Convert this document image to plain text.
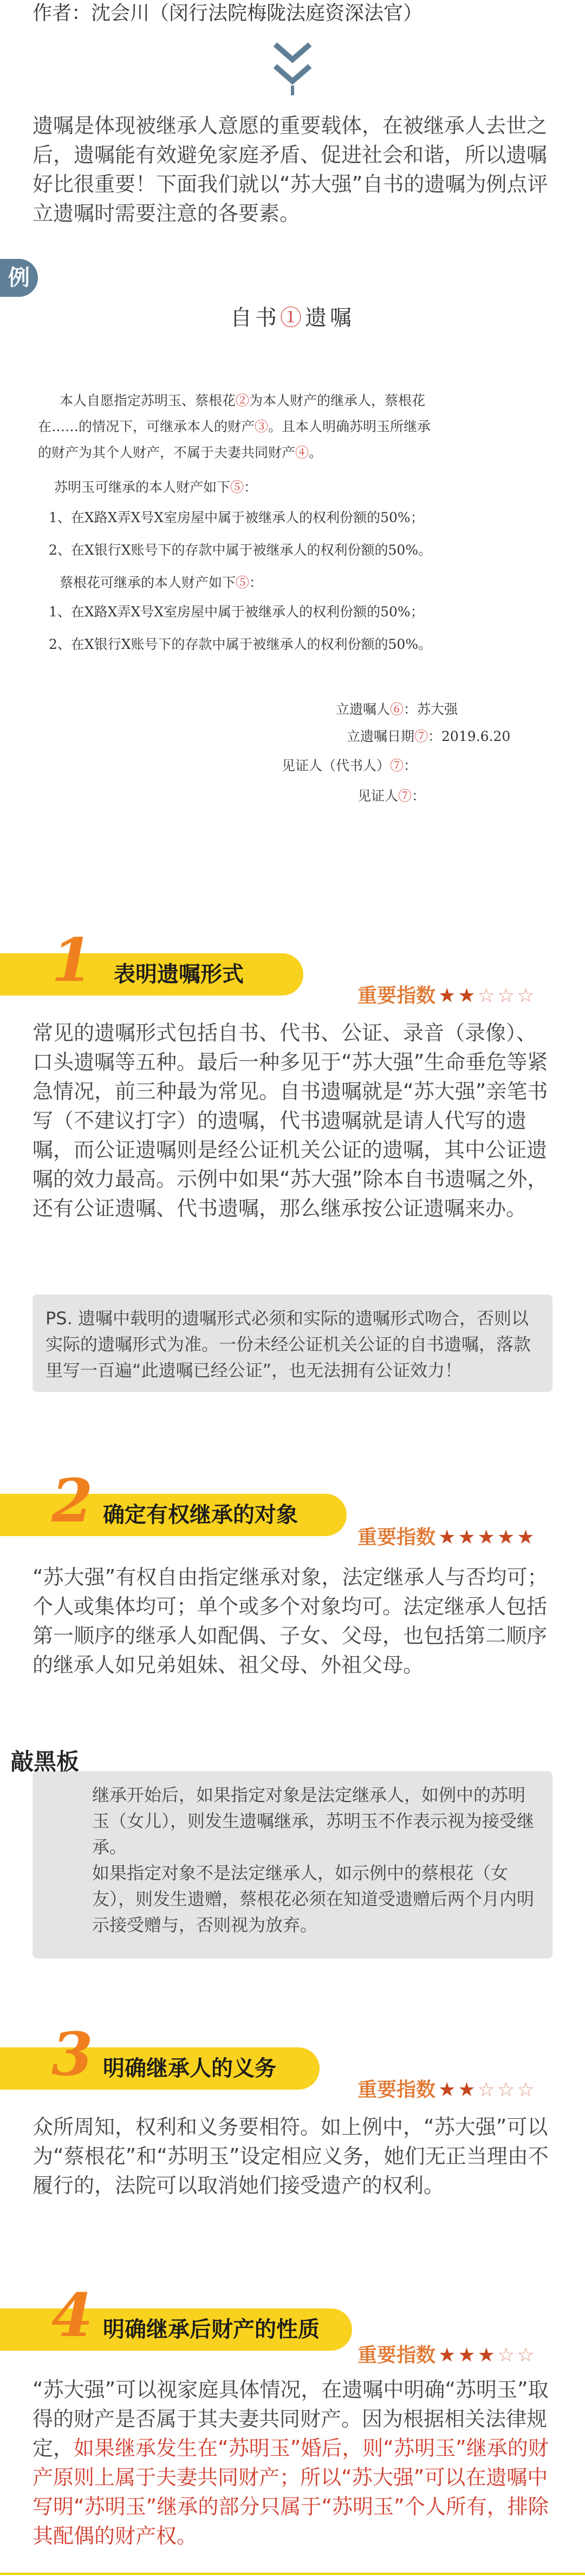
作者：沈会川（闵行法院梅陇法庭资深法官）
遗嘱是体现被继承人意愿的重要载体，在被继承人去世之后，遗嘱能有效避免家庭矛盾、促进社会和谐，所以遗嘱好比很重要！下面我们就以“苏大强”自书的遗嘱为例点评立遗嘱时需要注意的各要素。
例
自书①遗嘱
本人自愿指定苏明玉、蔡根花②为本人财产的继承人，蔡根花
在……的情况下，可继承本人的财产③。且本人明确苏明玉所继承
的财产为其个人财产，不属于夫妻共同财产④。
苏明玉可继承的本人财产如下⑤：
1、在X路X弄X号X室房屋中属于被继承人的权利份额的50%；
2、在X银行X账号下的存款中属于被继承人的权利份额的50%。
蔡根花可继承的本人财产如下⑤：
1、在X路X弄X号X室房屋中属于被继承人的权利份额的50%；
2、在X银行X账号下的存款中属于被继承人的权利份额的50%。
立遗嘱人⑥：苏大强
立遗嘱日期⑦：2019.6.20
见证人（代书人）⑦：
见证人⑦：
1 表明遗嘱形式
重要指数 ★★☆☆☆
常见的遗嘱形式包括自书、代书、公证、录音（录像）、口头遗嘱等五种。最后一种多见于“苏大强”生命垂危等紧急情况，前三种最为常见。自书遗嘱就是“苏大强”亲笔书写（不建议打字）的遗嘱，代书遗嘱就是请人代写的遗嘱，而公证遗嘱则是经公证机关公证的遗嘱，其中公证遗嘱的效力最高。示例中如果“苏大强”除本自书遗嘱之外，还有公证遗嘱、代书遗嘱，那么继承按公证遗嘱来办。
PS. 遗嘱中载明的遗嘱形式必须和实际的遗嘱形式吻合，否则以实际的遗嘱形式为准。一份未经公证机关公证的自书遗嘱，落款里写一百遍“此遗嘱已经公证”，也无法拥有公证效力！
2 确定有权继承的对象
重要指数 ★★★★★
“苏大强”有权自由指定继承对象，法定继承人与否均可；个人或集体均可；单个或多个对象均可。法定继承人包括第一顺序的继承人如配偶、子女、父母，也包括第二顺序的继承人如兄弟姐妹、祖父母、外祖父母。
继承开始后，如果指定对象是法定继承人，如例中的苏明玉（女儿），则发生遗嘱继承，苏明玉不作表示视为接受继承。
如果指定对象不是法定继承人，如示例中的蔡根花（女友），则发生遗赠，蔡根花必须在知道受遗赠后两个月内明示接受赠与，否则视为放弃。
敲黑板
3 明确继承人的义务
重要指数 ★★☆☆☆
众所周知，权利和义务要相符。如上例中，“苏大强”可以为“蔡根花”和“苏明玉”设定相应义务，她们无正当理由不履行的，法院可以取消她们接受遗产的权利。
4 明确继承后财产的性质
重要指数 ★★★☆☆
“苏大强”可以视家庭具体情况，在遗嘱中明确“苏明玉”取得的财产是否属于其夫妻共同财产。因为根据相关法律规定，如果继承发生在“苏明玉”婚后，则“苏明玉”继承的财产原则上属于夫妻共同财产；所以“苏大强”可以在遗嘱中写明“苏明玉”继承的部分只属于“苏明玉”个人所有，排除其配偶的财产权。
